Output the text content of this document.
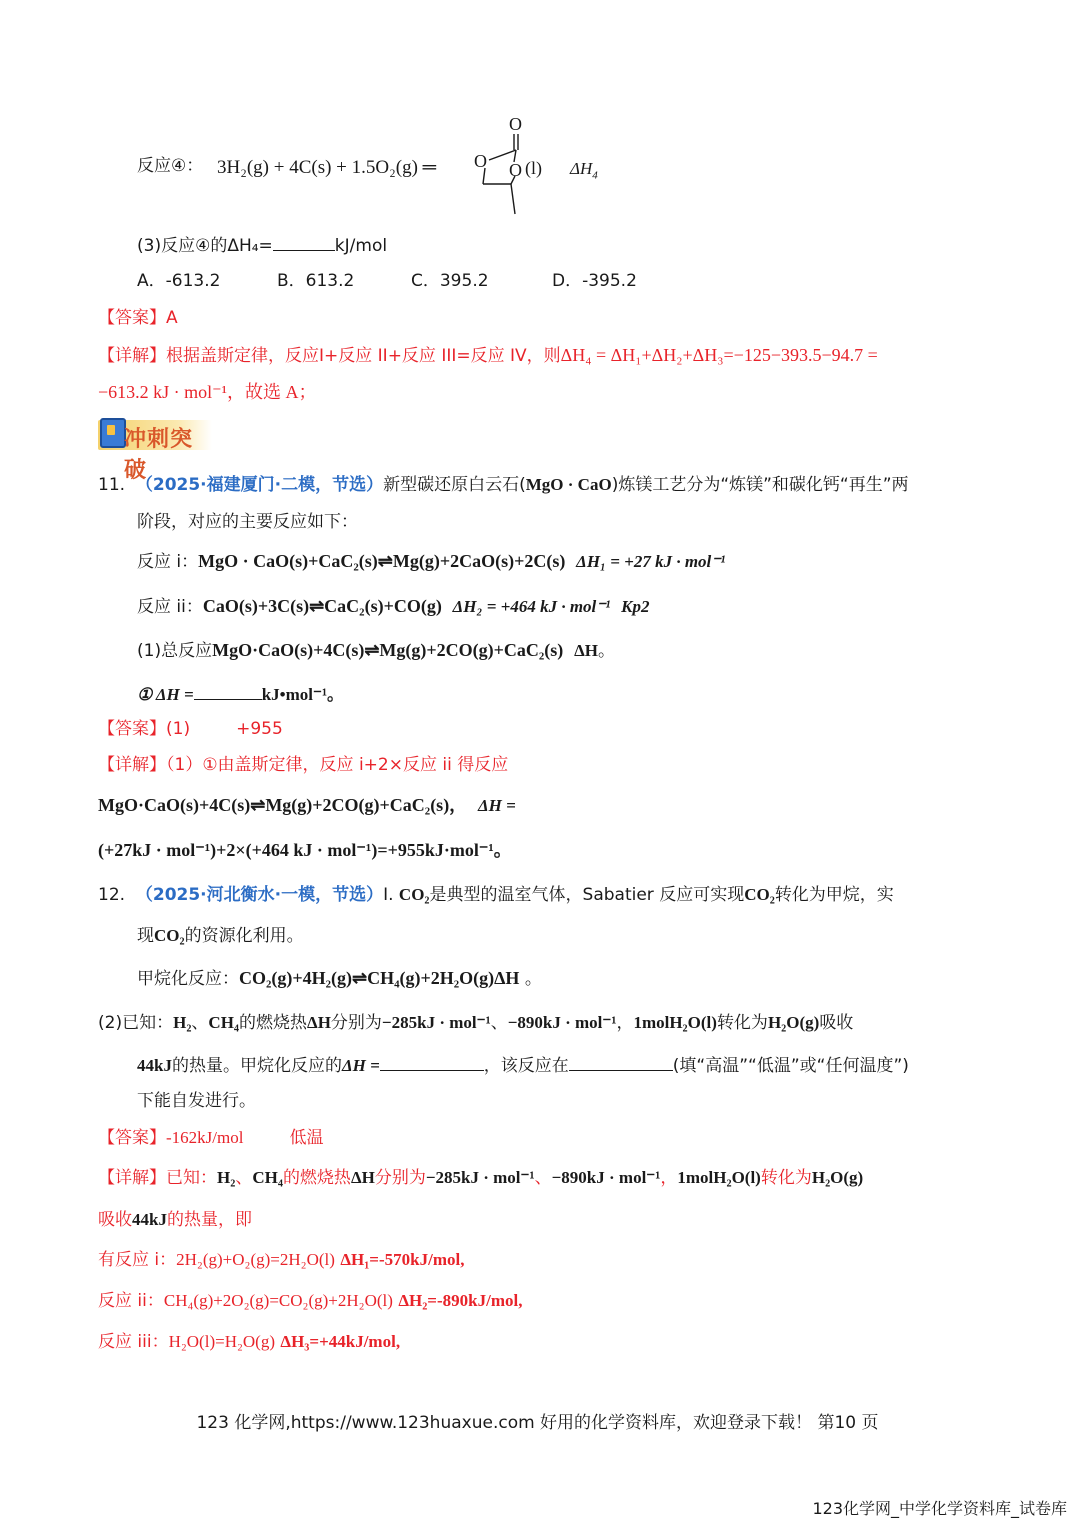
反应④： 3H₂(g) + 4C(s) + 1.5O₂(g) ═
O
O O (l) $\Delta H_4$
(3)反应④的ΔH₄=	kJ/mol
A．-613.2	B．613.2	C．395.2	D．-395.2
【答案】A
【详解】根据盖斯定律，反应I+反应 II+反应 III=反应 IV，则ΔH₄ = ΔH₁+ΔH₂+ΔH₃=−125−393.5−94.7 =
−613.2 kJ · mol⁻¹，故选 A；
冲刺突破
11. （2025·福建厦门·二模，节选）新型碳还原白云石(MgO · CaO)炼镁工艺分为“炼镁”和碳化钙“再生”两
阶段，对应的主要反应如下：
反应 i：MgO · CaO(s)+CaC₂(s)⇌Mg(g)+2CaO(s)+2C(s) ΔH₁ = +27 kJ · mol⁻¹
反应 ii：CaO(s)+3C(s)⇌CaC₂(s)+CO(g) ΔH₂ = +464 kJ · mol⁻¹ Kp2
(1)总反应MgO·CaO(s)+4C(s)⇌Mg(g)+2CO(g)+CaC₂(s) ΔH。
① ΔH =	kJ•mol⁻¹。
【答案】(1)	+955
【详解】（1）①由盖斯定律，反应 i+2×反应 ii 得反应
MgO·CaO(s)+4C(s)⇌Mg(g)+2CO(g)+CaC₂(s)， ΔH =
(+27kJ · mol⁻¹)+2×(+464 kJ · mol⁻¹)=+955kJ·mol⁻¹。
12. （2025·河北衡水·一模，节选）I. CO₂是典型的温室气体，Sabatier 反应可实现CO₂转化为甲烷，实
现CO₂的资源化利用。
甲烷化反应：CO₂(g)+4H₂(g)⇌CH₄(g)+2H₂O(g)ΔH 。
(2)已知：H₂、CH₄的燃烧热ΔH分别为−285kJ · mol⁻¹、−890kJ · mol⁻¹，1molH₂O(l)转化为H₂O(g)吸收
44kJ的热量。甲烷化反应的ΔH =	，该反应在	(填“高温”“低温”或“任何温度”)
下能自发进行。
【答案】-162kJ/mol	低温
【详解】已知：H₂、CH₄的燃烧热ΔH分别为−285kJ · mol⁻¹、−890kJ · mol⁻¹，1molH₂O(l)转化为H₂O(g)
吸收44kJ的热量，即
有反应 i：2H₂(g)+O₂(g)=2H₂O(l) ΔH₁=-570kJ/mol,
反应 ii：CH₄(g)+2O₂(g)=CO₂(g)+2H₂O(l) ΔH₂=-890kJ/mol,
反应 iii：H₂O(l)=H₂O(g) ΔH₃=+44kJ/mol,
123 化学网,https://www.123huaxue.com 好用的化学资料库，欢迎登录下载！ 第10 页
123化学网_中学化学资料库_试卷库
